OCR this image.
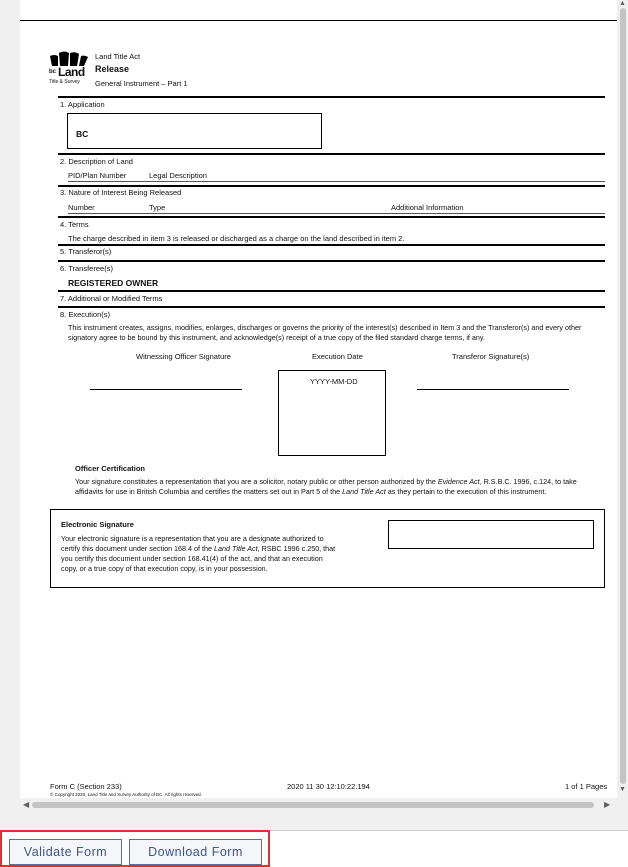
bc Land
Title & Survey
Land Title Act
Release
General Instrument – Part 1
1. Application
BC
2. Description of Land
PID/Plan Number	Legal Description
3. Nature of Interest Being Released
Number	Type	Additional Information
4. Terms
The charge described in item 3 is released or discharged as a charge on the land described in item 2.
5. Transferor(s)
6. Transferee(s)
REGISTERED OWNER
7. Additional or Modified Terms
8. Execution(s)
This instrument creates, assigns, modifies, enlarges, discharges or governs the priority of the interest(s) described in Item 3 and the Transferor(s) and every other
signatory agree to be bound by this instrument, and acknowledge(s) receipt of a true copy of the filed standard charge terms, if any.
Witnessing Officer Signature	Execution Date	Transferor Signature(s)
YYYY-MM-DD
Officer Certification
Your signature constitutes a representation that you are a solicitor, notary public or other person authorized by the Evidence Act, R.S.B.C. 1996, c.124, to take
affidavits for use in British Columbia and certifies the matters set out in Part 5 of the Land Title Act as they pertain to the execution of this instrument.
Electronic Signature
Your electronic signature is a representation that you are a designate authorized to
certify this document under section 168.4 of the Land Title Act, RSBC 1996 c.250, that
you certify this document under section 168.41(4) of the act, and that an execution
copy, or a true copy of that execution copy, is in your possession.
Form C (Section 233)
© Copyright 2020, Land Title and Survey Authority of BC. All rights reserved.
2020 11 30 12:10:22.194	1 of 1 Pages
▲
▼
◀	▶
Validate Form	Download Form
